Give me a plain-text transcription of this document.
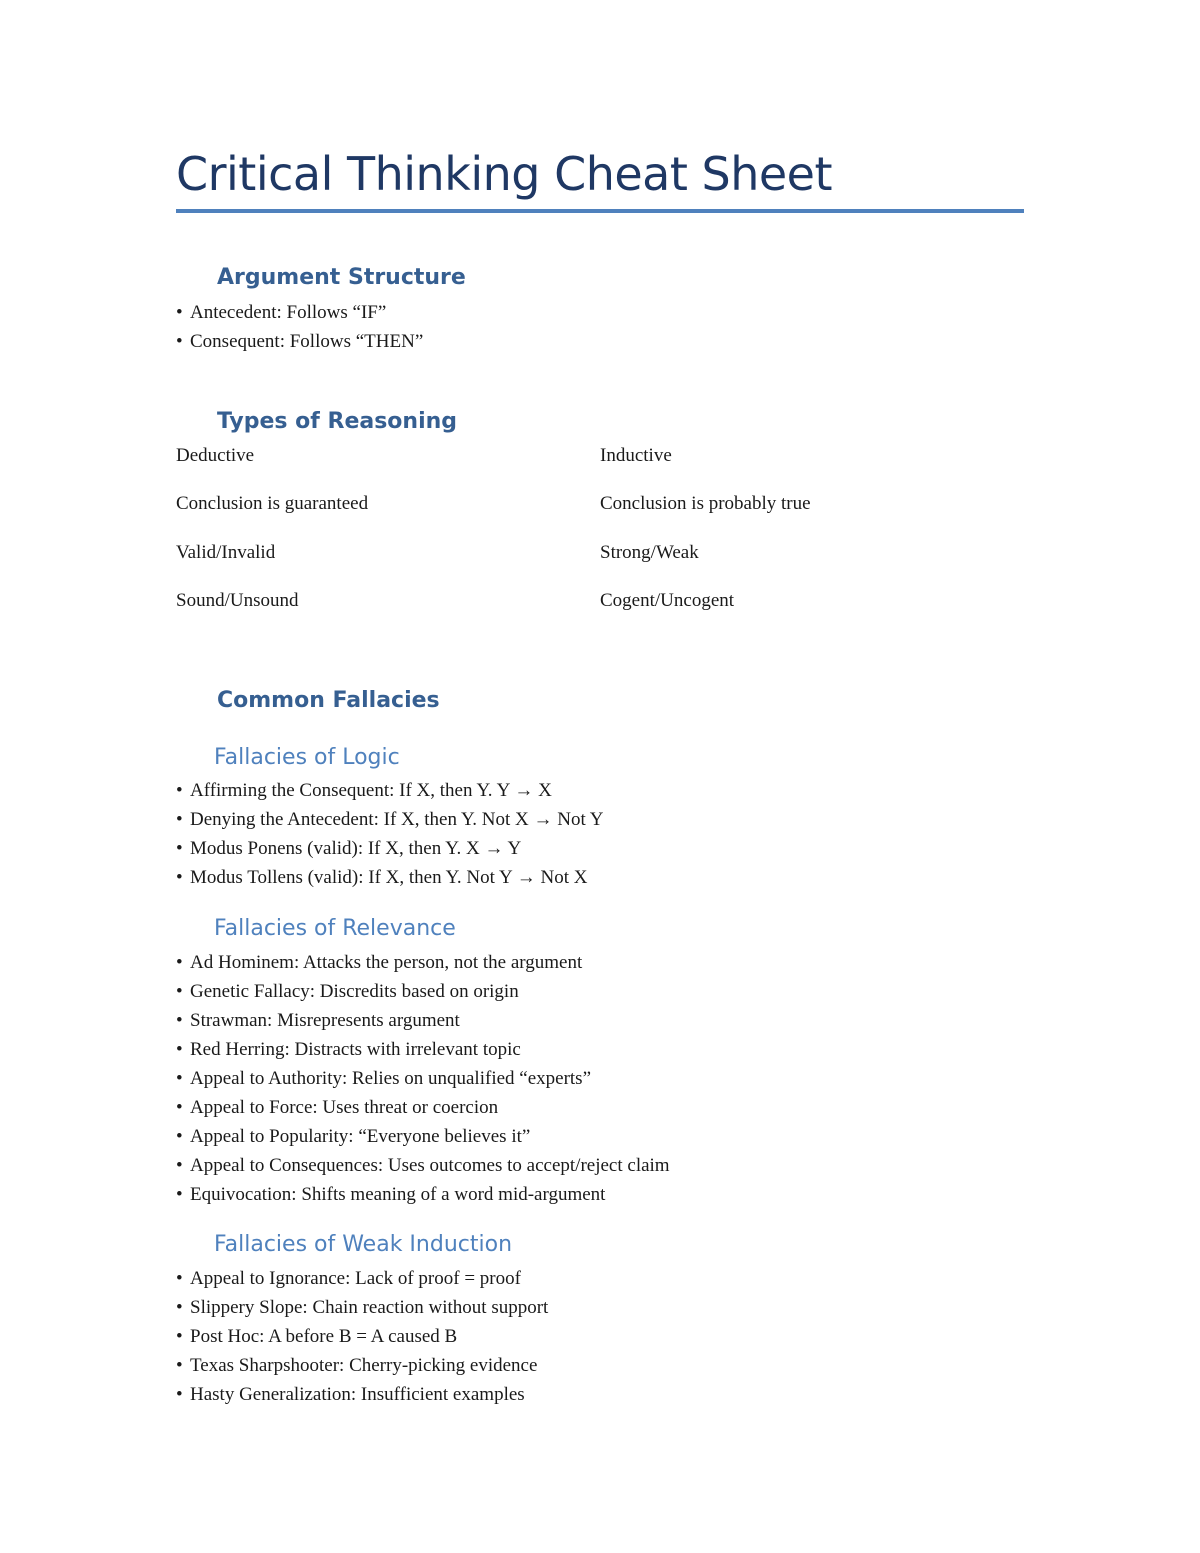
Critical Thinking Cheat Sheet
Argument Structure
• Antecedent: Follows “IF”
• Consequent: Follows “THEN”
Types of Reasoning
Deductive	Inductive
Conclusion is guaranteed	Conclusion is probably true
Valid/Invalid	Strong/Weak
Sound/Unsound	Cogent/Uncogent
Common Fallacies
Fallacies of Logic
• Affirming the Consequent: If X, then Y. Y → X
• Denying the Antecedent: If X, then Y. Not X → Not Y
• Modus Ponens (valid): If X, then Y. X → Y
• Modus Tollens (valid): If X, then Y. Not Y → Not X
Fallacies of Relevance
• Ad Hominem: Attacks the person, not the argument
• Genetic Fallacy: Discredits based on origin
• Strawman: Misrepresents argument
• Red Herring: Distracts with irrelevant topic
• Appeal to Authority: Relies on unqualified “experts”
• Appeal to Force: Uses threat or coercion
• Appeal to Popularity: “Everyone believes it”
• Appeal to Consequences: Uses outcomes to accept/reject claim
• Equivocation: Shifts meaning of a word mid-argument
Fallacies of Weak Induction
• Appeal to Ignorance: Lack of proof = proof
• Slippery Slope: Chain reaction without support
• Post Hoc: A before B = A caused B
• Texas Sharpshooter: Cherry-picking evidence
• Hasty Generalization: Insufficient examples
